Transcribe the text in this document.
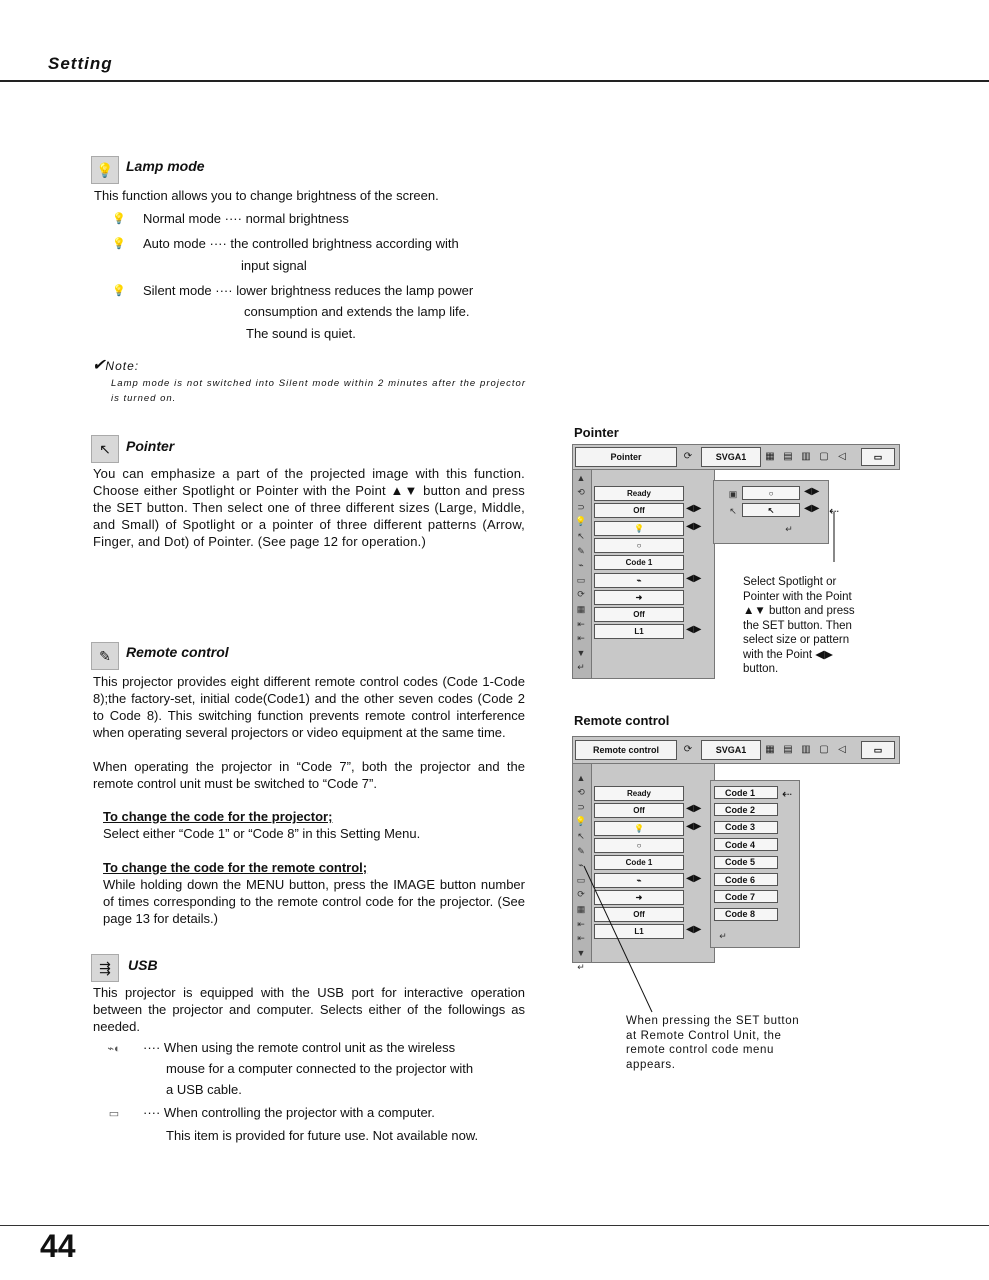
Setting
💡 Lamp mode
This function allows you to change brightness of the screen.
💡	Normal mode ···· normal brightness
💡	Auto mode ···· the controlled brightness according with
input signal
💡	Silent mode ···· lower brightness reduces the lamp power
consumption and extends the lamp life.
The sound is quiet.
✔Note:
Lamp mode is not switched into Silent mode within 2 minutes after the projector is turned on.
↖	Pointer
You can emphasize a part of the projected image with this function. Choose either Spotlight or Pointer with the Point ▲▼ button and press the SET button. Then select one of three different sizes (Large, Middle, and Small) of Spotlight or a pointer of three different patterns (Arrow, Finger, and Dot) of Pointer. (See page 12 for operation.)
✎	Remote control
This projector provides eight different remote control codes (Code 1-Code 8);the factory-set, initial code(Code1) and the other seven codes (Code 2 to Code 8). This switching function prevents remote control interference when operating several projectors or video equipment at the same time.
When operating the projector in “Code 7”, both the projector and the remote control unit must be switched to “Code 7”.
To change the code for the projector;
Select either “Code 1” or “Code 8” in this Setting Menu.
To change the code for the remote control;
While holding down the MENU button, press the IMAGE button number of times corresponding to the remote control code for the projector. (See page 13 for details.)
⇶	USB
This projector is equipped with the USB port for interactive operation between the projector and computer. Selects either of the followings as needed.
⌁◐	···· When using the remote control unit as the wireless
mouse for a computer connected to the projector with
a USB cable.
▭	···· When controlling the projector with a computer.
This item is provided for future use. Not available now.
Pointer
Pointer	⟳	SVGA1	▦ ▤ ▥ ▢ ◁	▭
▲
⟲
⊃
💡
↖
✎
⌁
▭
⟳
▦
⇤
⇤
▼
↵
Ready
Off	◀▶
💡	◀▶
○
Code 1
⌁	◀▶
➜
Off
L1	◀▶
▣	○	◀▶
↖	↖	◀▶
↵
⇠
Select Spotlight or
Pointer with the Point
▲▼ button and press
the SET button. Then
select size or pattern
with the Point ◀▶
button.
Remote control
Remote control	⟳	SVGA1	▦ ▤ ▥ ▢ ◁	▭
▲
⟲
⊃
💡
↖
✎
⌁
▭
⟳
▦
⇤
⇤
▼
↵
Ready
Off	◀▶
💡	◀▶
○
Code 1
⌁	◀▶
➜
Off
L1	◀▶
Code 1
Code 2
Code 3
Code 4
Code 5
Code 6
Code 7
Code 8
⇠
↵
When pressing the SET button
at Remote Control Unit, the
remote control code menu
appears.
44
